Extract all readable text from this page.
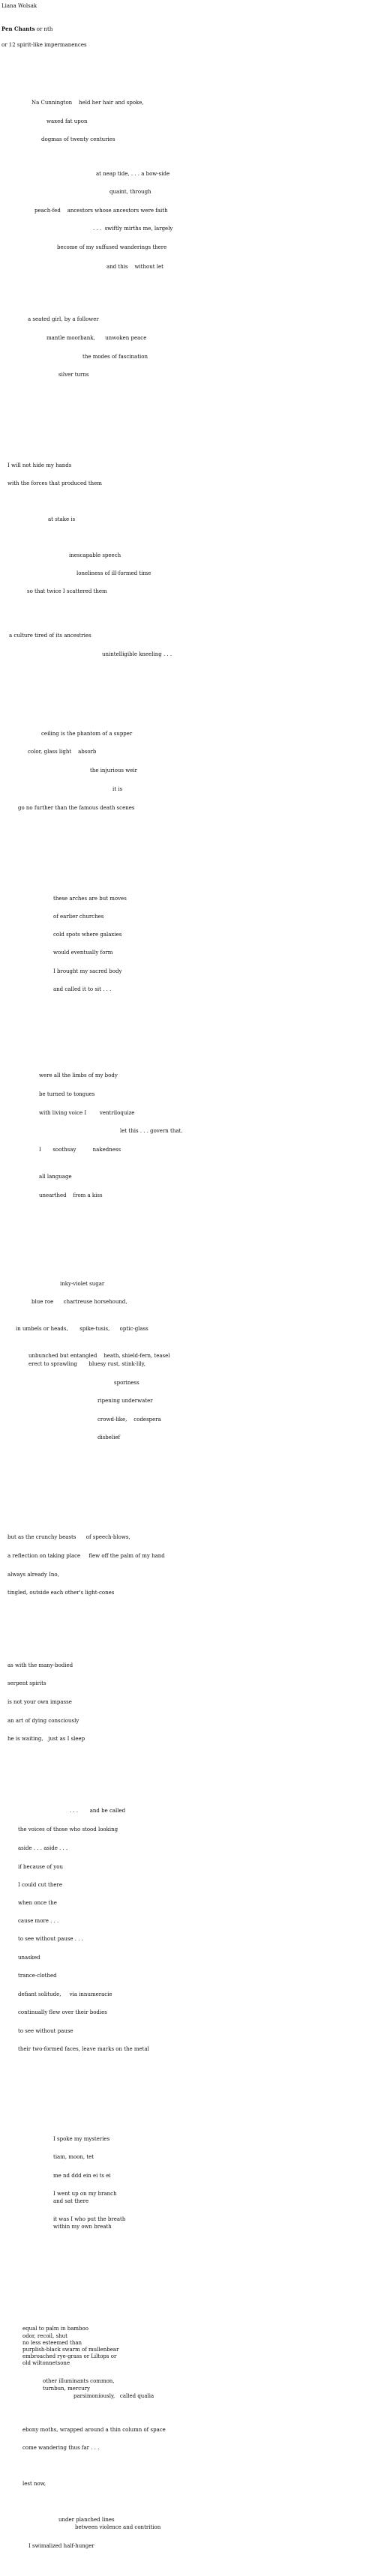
Liana Wolsak
Pen Chants or nth
or 12 spirit-like impermanences
Na Cunnington    held her hair and spoke,
waxed fat upon
dogmas of twenty centuries
at neap tide, . . . a bow-side
quaint, through
peach-fed    ancestors whose ancestors were faith
. . .  swiftly mirths me, largely
become of my suffused wanderings there
and this    without let
a seated girl, by a follower
mantle moorbank,      unwoken peace
the modes of fascination
silver turns
I will not hide my hands
with the forces that produced them
at stake is
inescapable speech
loneliness of ill-formed time
so that twice I scattered them
a culture tired of its ancestries
unintelligible kneeling . . .
ceiling is the phantom of a supper
color, glass light    absorb
the injurious weir
it is
go no further than the famous death scenes
these arches are but moves
of earlier churches
cold spots where galaxies
would eventually form
I brought my sacred body
and called it to sit . . .
were all the limbs of my body
be turned to tongues
with living voice I        ventriloquize
let this . . . govern that.
I       soothsay          nakedness
all language
unearthed    from a kiss
inky-violet sugar
blue roe      chartreuse horsehound,
in umbels or heads,       spike-tusis,      optic-glass
unbunched but entangled    heath, shield-fern, teasel
erect to sprawling       bluesy rust, stink-lily,
sporiness
ripening underwater
crowd-like,    codespera
disbelief
but as the crunchy beasts      of speech-blows,
a reflection on taking place     flew off the palm of my hand
always already Ino,
tingled, outside each other's light-cones
as with the many-bodied
serpent spirits
is not your own impasse
an art of dying consciously
he is waiting,   just as I sleep
. . .       and be called
the voices of those who stood looking
aside . . . aside . . .
if because of you
I could cut there
when once the
cause more . . .
to see without pause . . .
unasked
trance-clothed
defiant solitude,     via innumeracie
continually flew over their bodies
to see without pause
their two-formed faces, leave marks on the metal
I spoke my mysteries
tiam, moon, tet
me nd ddd ein ei ts ei
I went up on my branch
and sat there
it was I who put the breath
within my own breath
equal to palm in bamboo
odor, recoil, shut
no less esteemed than
purplish-black swarm of mullenbear
embroached rye-grass or Liltops or
old wiltonnetsone
other illuminants common,
turnbun, mercury
parsimoniously,   called qualia
ebony moths, wrapped around a thin column of space
come wandering thus far . . .
lest now,
under planched lines
between violence and contrition
I swimalized half-hunger
